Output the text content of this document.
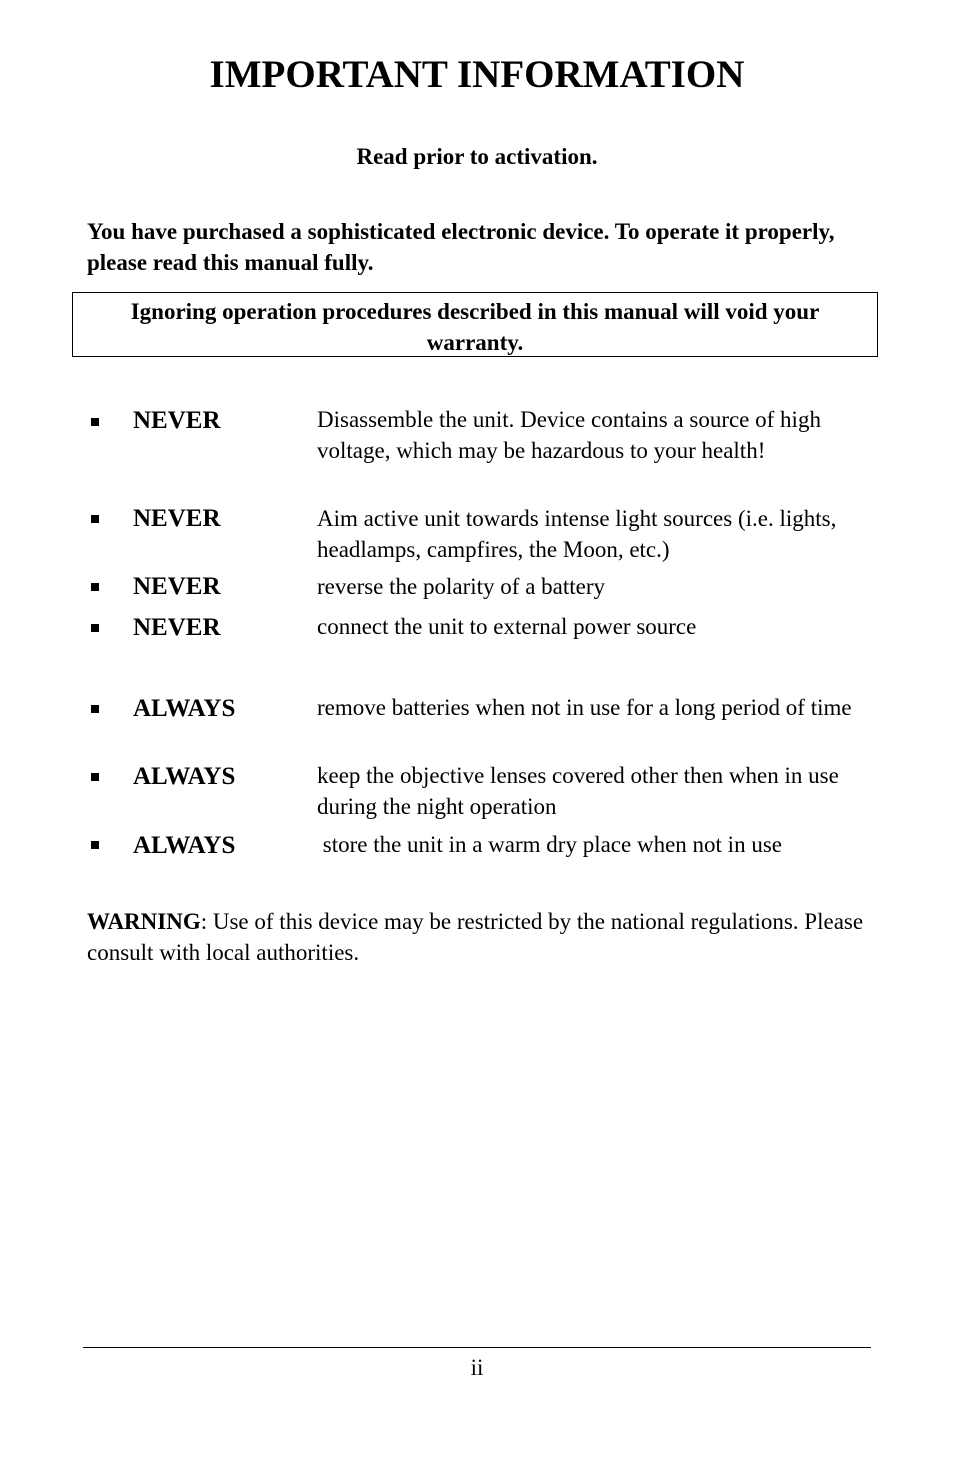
IMPORTANT INFORMATION
Read prior to activation.
You have purchased a sophisticated electronic device. To operate it properly, please read this manual fully.
Ignoring operation procedures described in this manual will void your warranty.
NEVER	Disassemble the unit. Device contains a source of high voltage, which may be hazardous to your health!
NEVER	Aim active unit towards intense light sources (i.e. lights, headlamps, campfires, the Moon, etc.)
NEVER	reverse the polarity of a battery
NEVER	connect the unit to external power source
ALWAYS	remove batteries when not in use for a long period of time
ALWAYS	keep the objective lenses covered other then when in use during the night operation
ALWAYS	store the unit in a warm dry place when not in use
WARNING: Use of this device may be restricted by the national regulations. Please consult with local authorities.
ii
